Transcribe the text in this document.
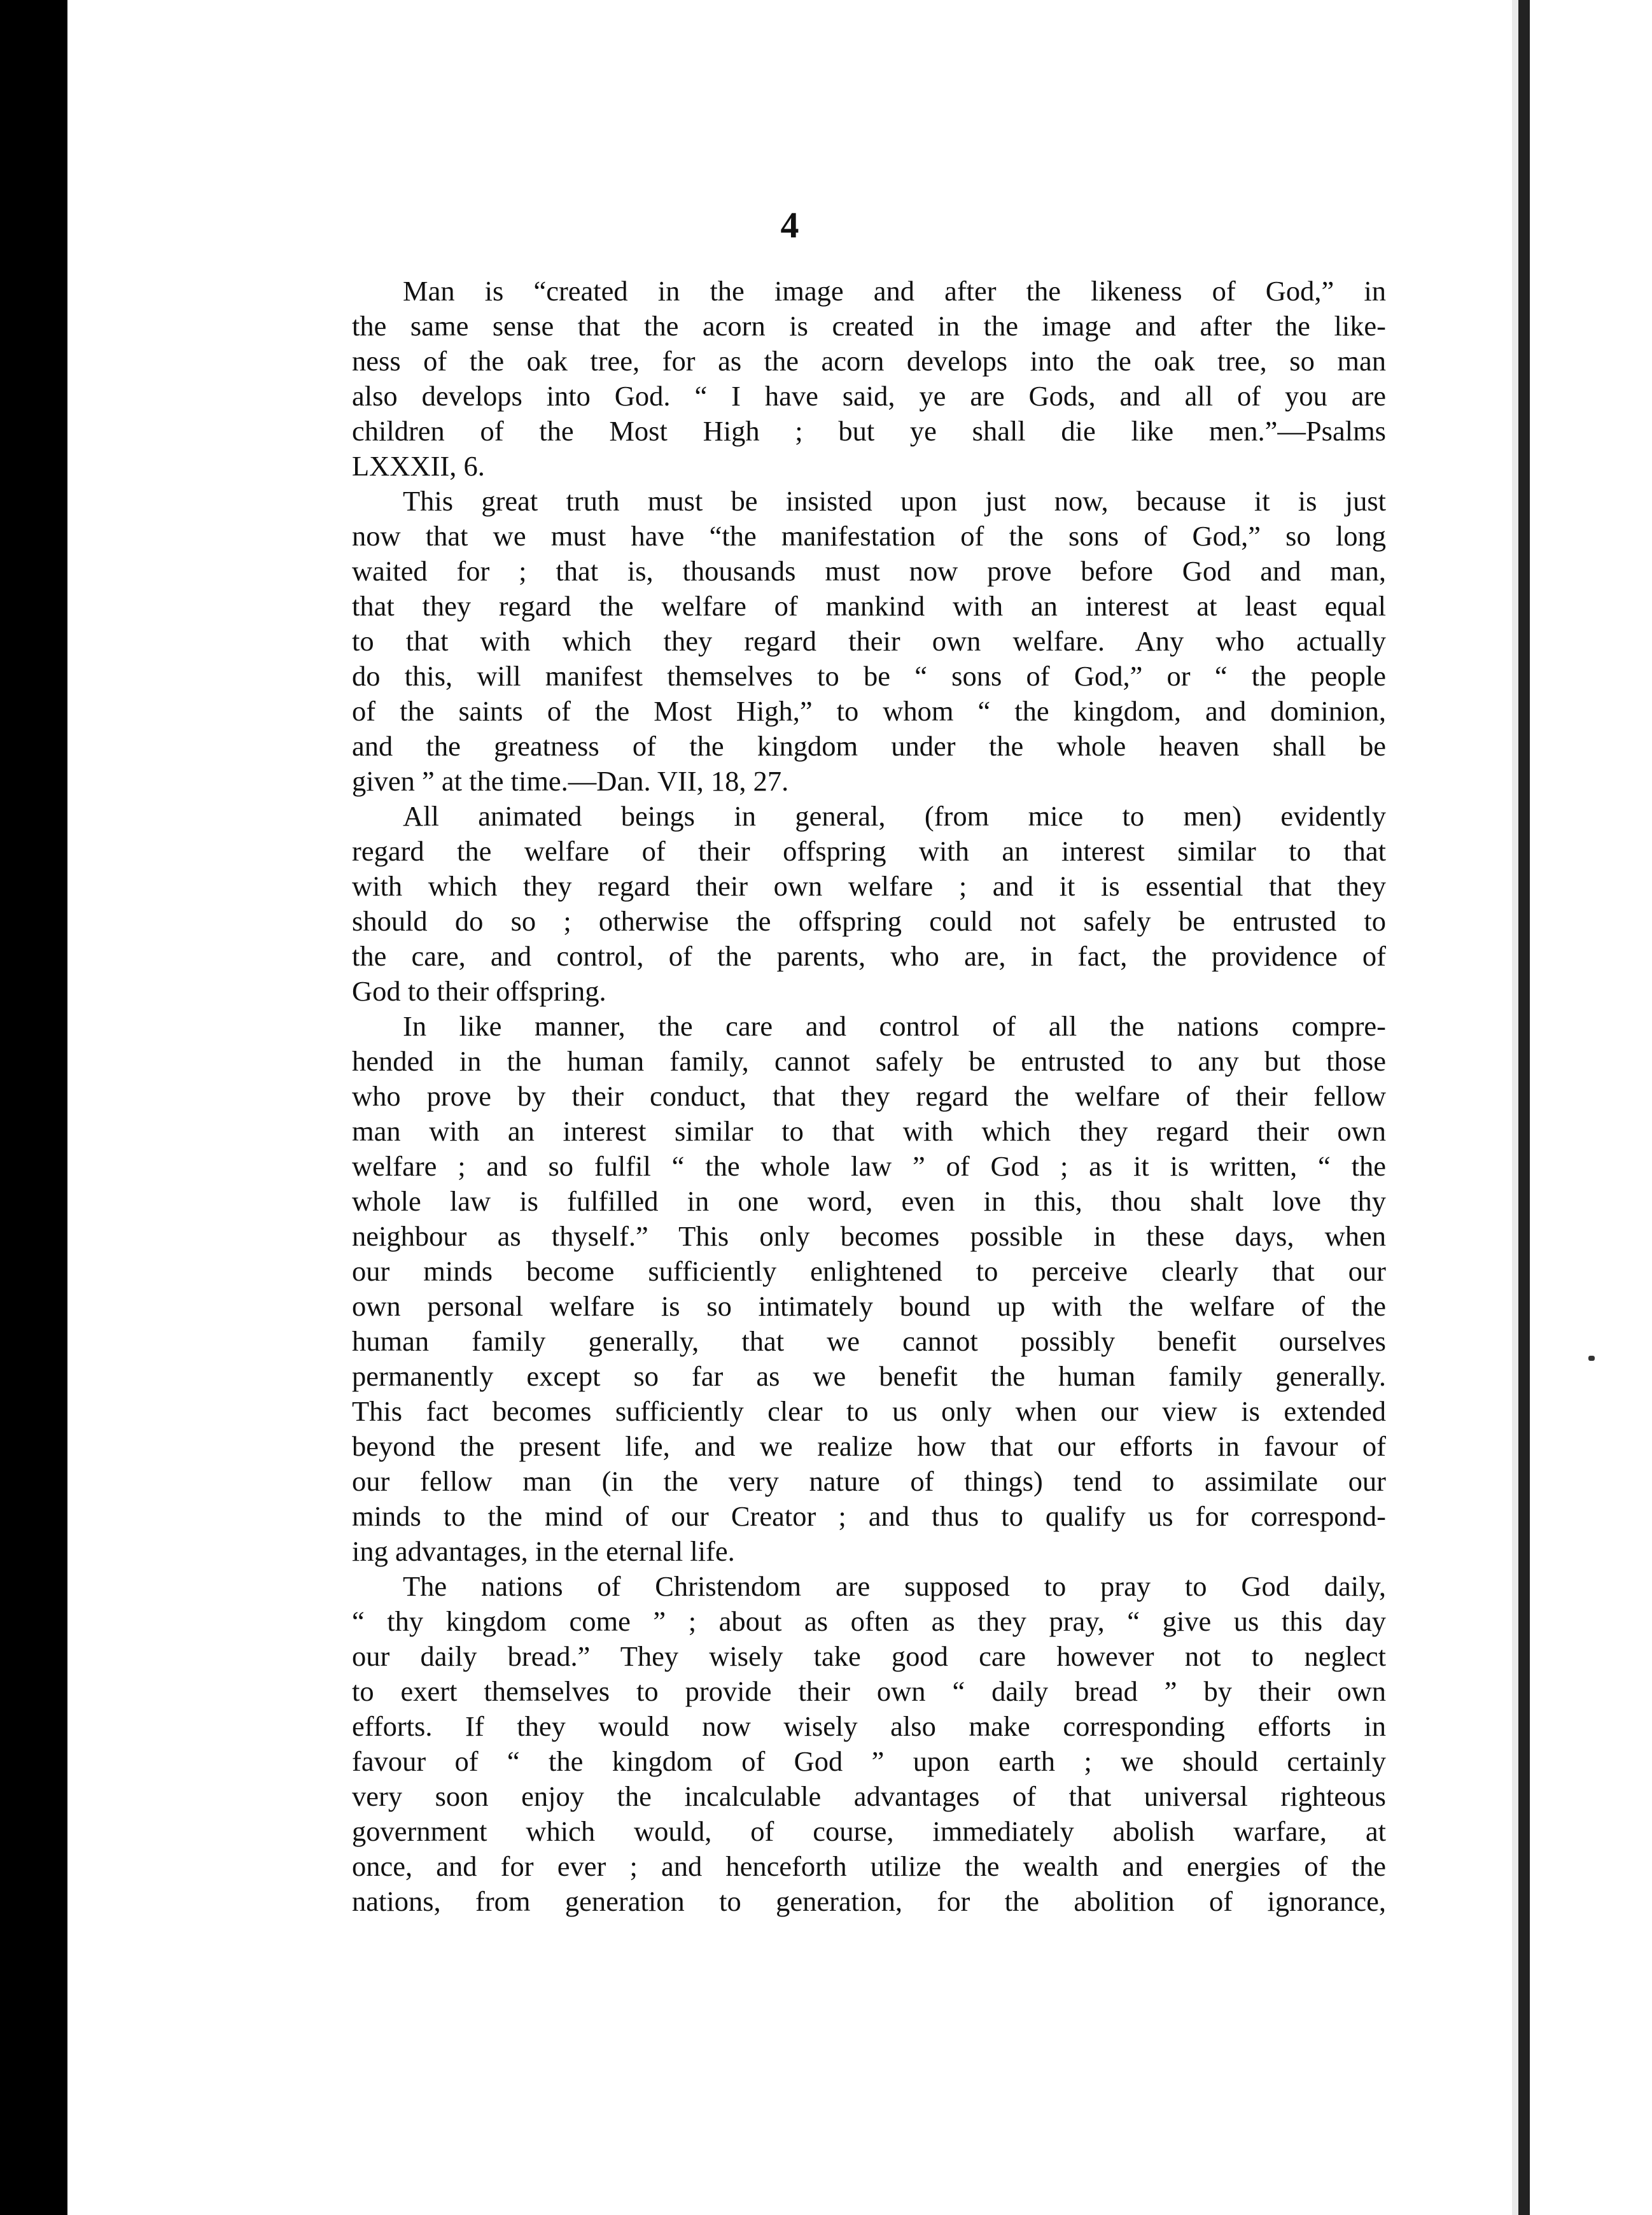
4
Man is “created in the image and after the likeness of God,” in
the same sense that the acorn is created in the image and after the like-
ness of the oak tree, for as the acorn develops into the oak tree, so man
also develops into God. “ I have said, ye are Gods, and all of you are
children of the Most High ; but ye shall die like men.”—Psalms
LXXXII, 6.
This great truth must be insisted upon just now, because it is just
now that we must have “the manifestation of the sons of God,” so long
waited for ; that is, thousands must now prove before God and man,
that they regard the welfare of mankind with an interest at least equal
to that with which they regard their own welfare. Any who actually
do this, will manifest themselves to be “ sons of God,” or “ the people
of the saints of the Most High,” to whom “ the kingdom, and dominion,
and the greatness of the kingdom under the whole heaven shall be
given ” at the time.—Dan. VII, 18, 27.
All animated beings in general, (from mice to men) evidently
regard the welfare of their offspring with an interest similar to that
with which they regard their own welfare ; and it is essential that they
should do so ; otherwise the offspring could not safely be entrusted to
the care, and control, of the parents, who are, in fact, the providence of
God to their offspring.
In like manner, the care and control of all the nations compre-
hended in the human family, cannot safely be entrusted to any but those
who prove by their conduct, that they regard the welfare of their fellow
man with an interest similar to that with which they regard their own
welfare ; and so fulfil “ the whole law ” of God ; as it is written, “ the
whole law is fulfilled in one word, even in this, thou shalt love thy
neighbour as thyself.” This only becomes possible in these days, when
our minds become sufficiently enlightened to perceive clearly that our
own personal welfare is so intimately bound up with the welfare of the
human family generally, that we cannot possibly benefit ourselves
permanently except so far as we benefit the human family generally.
This fact becomes sufficiently clear to us only when our view is extended
beyond the present life, and we realize how that our efforts in favour of
our fellow man (in the very nature of things) tend to assimilate our
minds to the mind of our Creator ; and thus to qualify us for correspond-
ing advantages, in the eternal life.
The nations of Christendom are supposed to pray to God daily,
“ thy kingdom come ” ; about as often as they pray, “ give us this day
our daily bread.” They wisely take good care however not to neglect
to exert themselves to provide their own “ daily bread ” by their own
efforts. If they would now wisely also make corresponding efforts in
favour of “ the kingdom of God ” upon earth ; we should certainly
very soon enjoy the incalculable advantages of that universal righteous
government which would, of course, immediately abolish warfare, at
once, and for ever ; and henceforth utilize the wealth and energies of the
nations, from generation to generation, for the abolition of ignorance,
